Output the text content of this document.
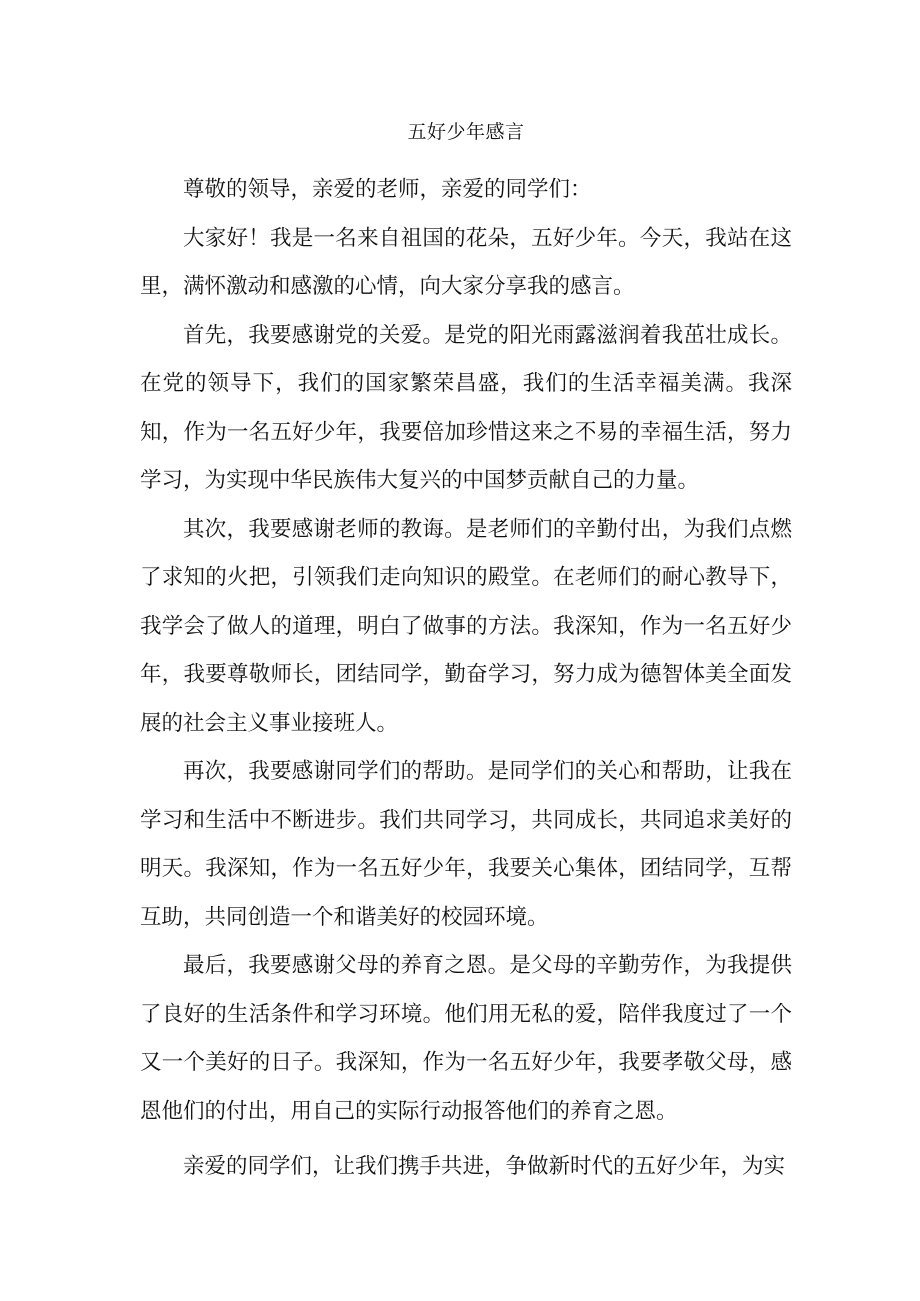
五好少年感言

尊敬的领导，亲爱的老师，亲爱的同学们：

大家好！我是一名来自祖国的花朵，五好少年。今天，我站在这里，满怀激动和感激的心情，向大家分享我的感言。

首先，我要感谢党的关爱。是党的阳光雨露滋润着我茁壮成长。在党的领导下，我们的国家繁荣昌盛，我们的生活幸福美满。我深知，作为一名五好少年，我要倍加珍惜这来之不易的幸福生活，努力学习，为实现中华民族伟大复兴的中国梦贡献自己的力量。

其次，我要感谢老师的教诲。是老师们的辛勤付出，为我们点燃了求知的火把，引领我们走向知识的殿堂。在老师们的耐心教导下，我学会了做人的道理，明白了做事的方法。我深知，作为一名五好少年，我要尊敬师长，团结同学，勤奋学习，努力成为德智体美全面发展的社会主义事业接班人。

再次，我要感谢同学们的帮助。是同学们的关心和帮助，让我在学习和生活中不断进步。我们共同学习，共同成长，共同追求美好的明天。我深知，作为一名五好少年，我要关心集体，团结同学，互帮互助，共同创造一个和谐美好的校园环境。

最后，我要感谢父母的养育之恩。是父母的辛勤劳作，为我提供了良好的生活条件和学习环境。他们用无私的爱，陪伴我度过了一个又一个美好的日子。我深知，作为一名五好少年，我要孝敬父母，感恩他们的付出，用自己的实际行动报答他们的养育之恩。

亲爱的同学们，让我们携手共进，争做新时代的五好少年，为实
